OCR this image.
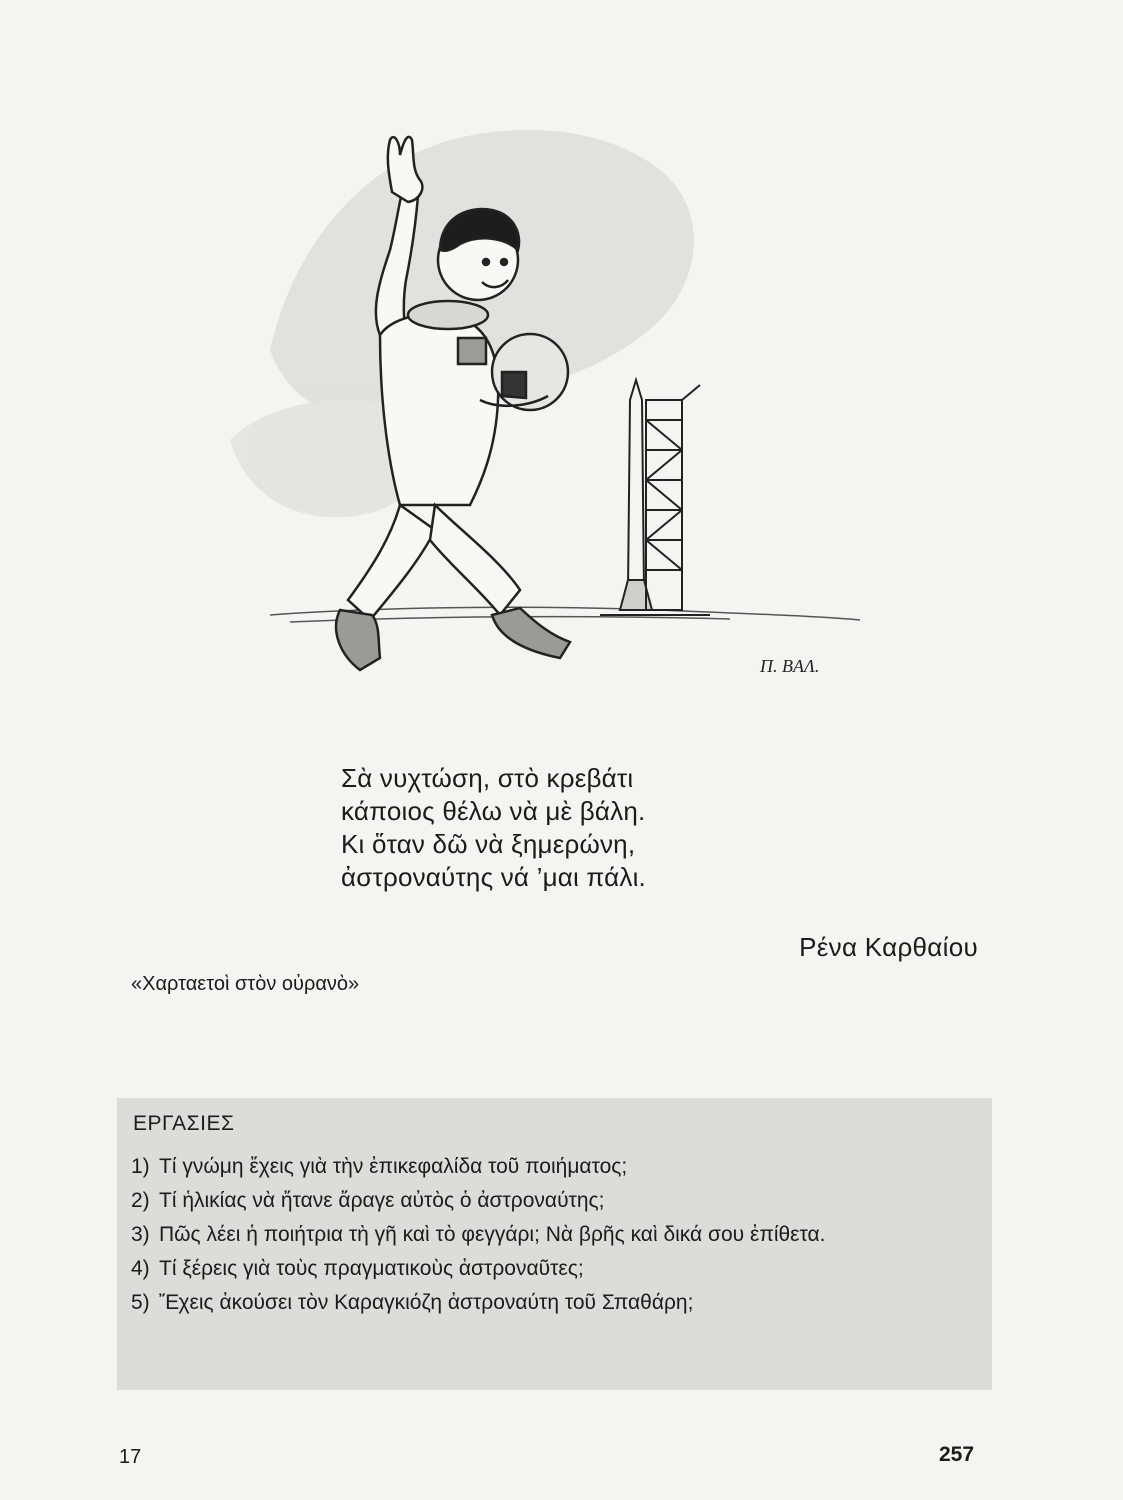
Π. ΒΑΛ.
Σὰ νυχτώση, στὸ κρεβάτι
κάποιος θέλω νὰ μὲ βάλη.
Κι ὅταν δῶ νὰ ξημερώνη,
ἀστροναύτης νά ’μαι πάλι.
Ρένα Καρθαίου
«Χαρταετοὶ στὸν οὐρανὸ»
ΕΡΓΑΣΙΕΣ
1) Τί γνώμη ἔχεις γιὰ τὴν ἐπικεφαλίδα τοῦ ποιήματος;
2) Τί ἡλικίας νὰ ἤτανε ἄραγε αὐτὸς ὁ ἀστροναύτης;
3) Πῶς λέει ἡ ποιήτρια τὴ γῆ καὶ τὸ φεγγάρι; Νὰ βρῆς καὶ δικά σου ἐπίθετα.
4) Τί ξέρεις γιὰ τοὺς πραγματικοὺς ἀστροναῦτες;
5) Ἔχεις ἀκούσει τὸν Καραγκιόζη ἀστροναύτη τοῦ Σπαθάρη;
17	257
